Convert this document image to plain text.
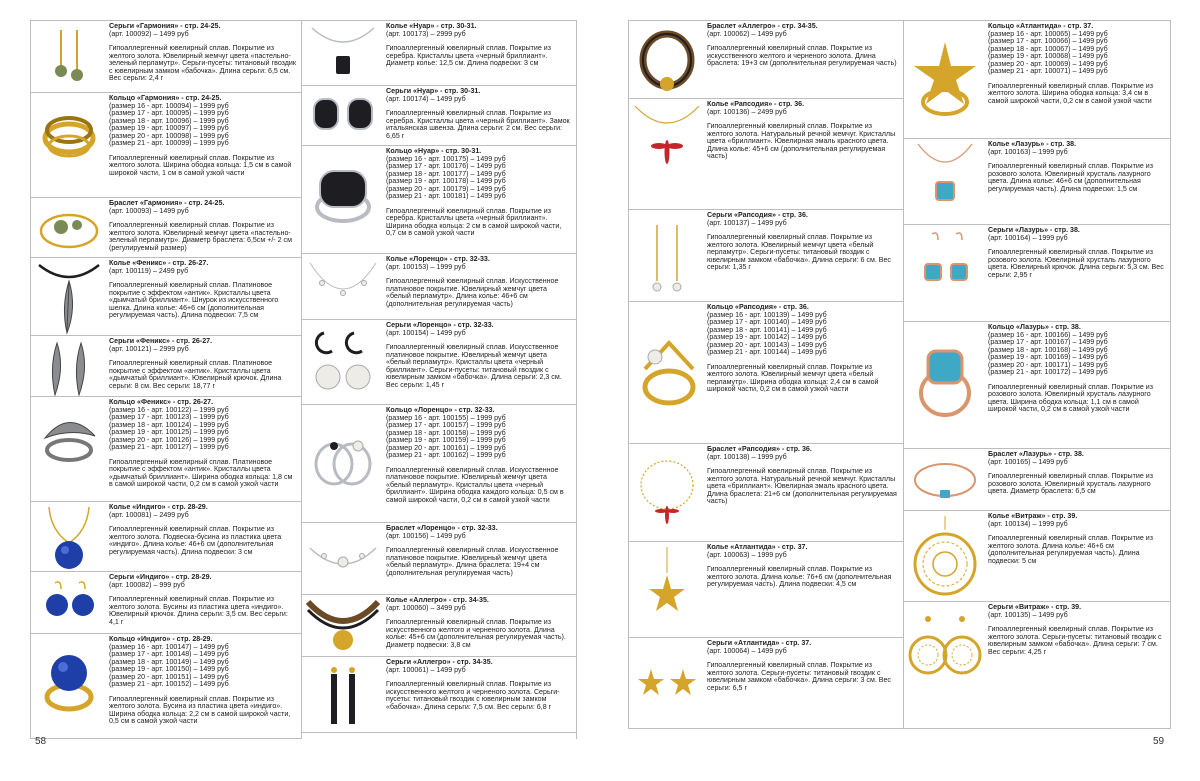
Серьги «Гармония» - стр. 24-25.
(арт. 100092) – 1499 руб
Гипоаллергенный ювелирный сплав. Покрытие из желтого золота. Ювелирный жемчуг цвета «пастельно-зеленый перламутр». Серьги-пусеты: титановый гвоздик с ювелирным замком «бабочка». Длина серьги: 6,5 см. Вес серьги: 2,4 г
Кольцо «Гармония» - стр. 24-25.
(размер 16 - арт. 100094) – 1999 руб
(размер 17 - арт. 100095) – 1999 руб
(размер 18 - арт. 100096) – 1999 руб
(размер 19 - арт. 100097) – 1999 руб
(размер 20 - арт. 100098) – 1999 руб
(размер 21 - арт. 100099) – 1999 руб
Гипоаллергенный ювелирный сплав. Покрытие из желтого золота. Ширина ободка кольца: 1,5 см в самой широкой части, 1 см в самой узкой части
Браслет «Гармония» - стр. 24-25.
(арт. 100093) – 1499 руб
Гипоаллергенный ювелирный сплав. Покрытие из желтого золота. Ювелирный жемчуг цвета «пастельно-зеленый перламутр». Диаметр браслета: 6,5см +/- 2 см (регулируемый размер)
Колье «Феникс» - стр. 26-27.
(арт. 100119) – 2499 руб
Гипоаллергенный ювелирный сплав. Платиновое покрытие с эффектом «антик». Кристаллы цвета «дымчатый бриллиант». Шнурок из искусственного шелка. Длина колье: 46+6 см (дополнительная регулируемая часть). Длина подвески: 7,5 см
Серьги «Феникс» - стр. 26-27.
(арт. 100121) – 2999 руб
Гипоаллергенный ювелирный сплав. Платиновое покрытие с эффектом «антик». Кристаллы цвета «дымчатый бриллиант». Ювелирный крючок. Длина серьги: 8 см. Вес серьги: 18,77 г
Кольцо «Феникс» - стр. 26-27.
(размер 16 - арт. 100122) – 1999 руб
(размер 17 - арт. 100123) – 1999 руб
(размер 18 - арт. 100124) – 1999 руб
(размер 19 - арт. 100125) – 1999 руб
(размер 20 - арт. 100126) – 1999 руб
(размер 21 - арт. 100127) – 1999 руб
Гипоаллергенный ювелирный сплав. Платиновое покрытие с эффектом «антик». Кристаллы цвета «дымчатый бриллиант». Ширина ободка кольца: 1,8 см в самой широкой части, 0,2 см в самой узкой части
Колье «Индиго» - стр. 28-29.
(арт. 100081) – 2499 руб
Гипоаллергенный ювелирный сплав. Покрытие из желтого золота. Подвеска-бусина из пластика цвета «индиго». Длина колье: 46+6 см (дополнительная регулируемая часть). Длина подвески: 3 см
Серьги «Индиго» - стр. 28-29.
(арт. 100082) – 999 руб
Гипоаллергенный ювелирный сплав. Покрытие из желтого золота. Бусины из пластика цвета «индиго». Ювелирный крючок. Длина серьги: 3,5 см. Вес серьги: 4,1 г
Кольцо «Индиго» - стр. 28-29.
(размер 16 - арт. 100147) – 1499 руб
(размер 17 - арт. 100148) – 1499 руб
(размер 18 - арт. 100149) – 1499 руб
(размер 19 - арт. 100150) – 1499 руб
(размер 20 - арт. 100151) – 1499 руб
(размер 21 - арт. 100152) – 1499 руб
Гипоаллергенный ювелирный сплав. Покрытие из желтого золота. Бусина из пластика цвета «индиго». Ширина ободка кольца: 2,2 см в самой широкой части, 0,5 см в самой узкой части
Колье «Нуар» - стр. 30-31.
(арт. 100173) – 2999 руб
Гипоаллергенный ювелирный сплав. Покрытие из серебра. Кристаллы цвета «черный бриллиант». Диаметр колье: 12,5 см. Длина подвески: 3 см
Серьги «Нуар» - стр. 30-31.
(арт. 100174) – 1499 руб
Гипоаллергенный ювелирный сплав. Покрытие из серебра. Кристаллы цвета «черный бриллиант». Замок итальянская швенза. Длина серьги: 2 см. Вес серьги: 6,65 г
Кольцо «Нуар» - стр. 30-31.
(размер 16 - арт. 100175) – 1499 руб
(размер 17 - арт. 100176) – 1499 руб
(размер 18 - арт. 100177) – 1499 руб
(размер 19 - арт. 100178) – 1499 руб
(размер 20 - арт. 100179) – 1499 руб
(размер 21 - арт. 100181) – 1499 руб
Гипоаллергенный ювелирный сплав. Покрытие из серебра. Кристаллы цвета «черный бриллиант». Ширина ободка кольца: 2 см в самой широкой части, 0,7 см в самой узкой части
Колье «Лоренцо» - стр. 32-33.
(арт. 100153) – 1999 руб
Гипоаллергенный ювелирный сплав. Искусственное платиновое покрытие. Ювелирный жемчуг цвета «белый перламутр». Длина колье: 46+6 см (дополнительная регулируемая часть)
Серьги «Лоренцо» - стр. 32-33.
(арт. 100154) – 1499 руб
Гипоаллергенный ювелирный сплав. Искусственное платиновое покрытие. Ювелирный жемчуг цвета «белый перламутр». Кристаллы цвета «черный бриллиант». Серьги-пусеты: титановый гвоздик с ювелирным замком «бабочка». Длина серьги: 2,3 см. Вес серьги: 1,45 г
Кольцо «Лоренцо» - стр. 32-33.
(размер 16 - арт. 100155) – 1999 руб
(размер 17 - арт. 100157) – 1999 руб
(размер 18 - арт. 100158) – 1999 руб
(размер 19 - арт. 100159) – 1999 руб
(размер 20 - арт. 100161) – 1999 руб
(размер 21 - арт. 100162) – 1999 руб
Гипоаллергенный ювелирный сплав. Искусственное платиновое покрытие. Ювелирный жемчуг цвета «белый перламутр». Кристаллы цвета «черный бриллиант». Ширина ободка каждого кольца: 0,5 см в самой широкой части, 0,2 см в самой узкой части
Браслет «Лоренцо» - стр. 32-33.
(арт. 100156) – 1499 руб
Гипоаллергенный ювелирный сплав. Искусственное платиновое покрытие. Ювелирный жемчуг цвета «белый перламутр». Длина браслета: 19+4 см (дополнительная регулируемая часть)
Колье «Аллегро» - стр. 34-35.
(арт. 100060) – 3499 руб
Гипоаллергенный ювелирный сплав. Покрытие из искусственного желтого и черненого золота. Длина колье: 45+6 см (дополнительная регулируемая часть). Диаметр подвески: 3,8 см
Серьги «Аллегро» - стр. 34-35.
(арт. 100061) – 1499 руб
Гипоаллергенный ювелирный сплав. Покрытие из искусственного желтого и черненого золота. Серьги-пусеты: титановый гвоздик с ювелирным замком «бабочка». Длина серьги: 7,5 см. Вес серьги: 6,8 г
58
Браслет «Аллегро» - стр. 34-35.
(арт. 100062) – 1499 руб
Гипоаллергенный ювелирный сплав. Покрытие из искусственного желтого и черненого золота. Длина браслета: 19+3 см (дополнительная регулируемая часть)
Колье «Рапсодия» - стр. 36.
(арт. 100136) – 2499 руб
Гипоаллергенный ювелирный сплав. Покрытие из желтого золота. Натуральный речной жемчуг. Кристаллы цвета «бриллиант». Ювелирная эмаль красного цвета. Длина колье: 45+6 см (дополнительная регулируемая часть)
Серьги «Рапсодия» - стр. 36.
(арт. 100137) – 1499 руб
Гипоаллергенный ювелирный сплав. Покрытие из желтого золота. Ювелирный жемчуг цвета «белый перламутр». Серьги-пусеты: титановый гвоздик с ювелирным замком «бабочка». Длина серьги: 6 см. Вес серьги: 1,35 г
Кольцо «Рапсодия» - стр. 36.
(размер 16 - арт. 100139) – 1499 руб
(размер 17 - арт. 100140) – 1499 руб
(размер 18 - арт. 100141) – 1499 руб
(размер 19 - арт. 100142) – 1499 руб
(размер 20 - арт. 100143) – 1499 руб
(размер 21 - арт. 100144) – 1499 руб
Гипоаллергенный ювелирный сплав. Покрытие из желтого золота. Ювелирный жемчуг цвета «белый перламутр». Ширина ободка кольца: 2,4 см в самой широкой части, 0,2 см в самой узкой части
Браслет «Рапсодия» - стр. 36.
(арт. 100138) – 1999 руб
Гипоаллергенный ювелирный сплав. Покрытие из желтого золота. Натуральный речной жемчуг. Кристаллы цвета «бриллиант». Ювелирная эмаль красного цвета. Длина браслета: 21+6 см (дополнительная регулируемая часть)
Колье «Атлантида» - стр. 37.
(арт. 100063) – 1999 руб
Гипоаллергенный ювелирный сплав. Покрытие из желтого золота. Длина колье: 76+6 см (дополнительная регулируемая часть). Длина подвески: 4,5 см
Серьги «Атлантида» - стр. 37.
(арт. 100064) – 1499 руб
Гипоаллергенный ювелирный сплав. Покрытие из желтого золота. Серьги-пусеты: титановый гвоздик с ювелирным замком «бабочка». Длина серьги: 3 см. Вес серьги: 6,5 г
Кольцо «Атлантида» - стр. 37.
(размер 16 - арт. 100065) – 1499 руб
(размер 17 - арт. 100066) – 1499 руб
(размер 18 - арт. 100067) – 1499 руб
(размер 19 - арт. 100068) – 1499 руб
(размер 20 - арт. 100069) – 1499 руб
(размер 21 - арт. 100071) – 1499 руб
Гипоаллергенный ювелирный сплав. Покрытие из желтого золота. Ширина ободка кольца: 3,4 см в самой широкой части, 0,2 см в самой узкой части
Колье «Лазурь» - стр. 38.
(арт. 100163) – 1999 руб
Гипоаллергенный ювелирный сплав. Покрытие из розового золота. Ювелирный хрусталь лазурного цвета. Длина колье: 46+6 см (дополнительная регулируемая часть). Длина подвески: 1,5 см
Серьги «Лазурь» - стр. 38.
(арт. 100164) – 1999 руб
Гипоаллергенный ювелирный сплав. Покрытие из розового золота. Ювелирный хрусталь лазурного цвета. Ювелирный крючок. Длина серьги: 5,3 см. Вес серьги: 2,95 г
Кольцо «Лазурь» - стр. 38.
(размер 16 - арт. 100166) – 1499 руб
(размер 17 - арт. 100167) – 1499 руб
(размер 18 - арт. 100168) – 1499 руб
(размер 19 - арт. 100169) – 1499 руб
(размер 20 - арт. 100171) – 1499 руб
(размер 21 - арт. 100172) – 1499 руб
Гипоаллергенный ювелирный сплав. Покрытие из розового золота. Ювелирный хрусталь лазурного цвета. Ширина ободка кольца: 1,1 см в самой широкой части, 0,2 см в самой узкой части
Браслет «Лазурь» - стр. 38.
(арт. 100165) – 1499 руб
Гипоаллергенный ювелирный сплав. Покрытие из розового золота. Ювелирный хрусталь лазурного цвета. Диаметр браслета: 6,5 см
Колье «Витраж» - стр. 39.
(арт. 100134) – 1999 руб
Гипоаллергенный ювелирный сплав. Покрытие из желтого золота. Длина колье: 46+6 см (дополнительная регулируемая часть). Длина подвески: 5 см
Серьги «Витраж» - стр. 39.
(арт. 100135) – 1499 руб
Гипоаллергенный ювелирный сплав. Покрытие из желтого золота. Серьги-пусеты: титановый гвоздик с ювелирным замком «бабочка». Длина серьги: 7 см. Вес серьги: 4,25 г
59
